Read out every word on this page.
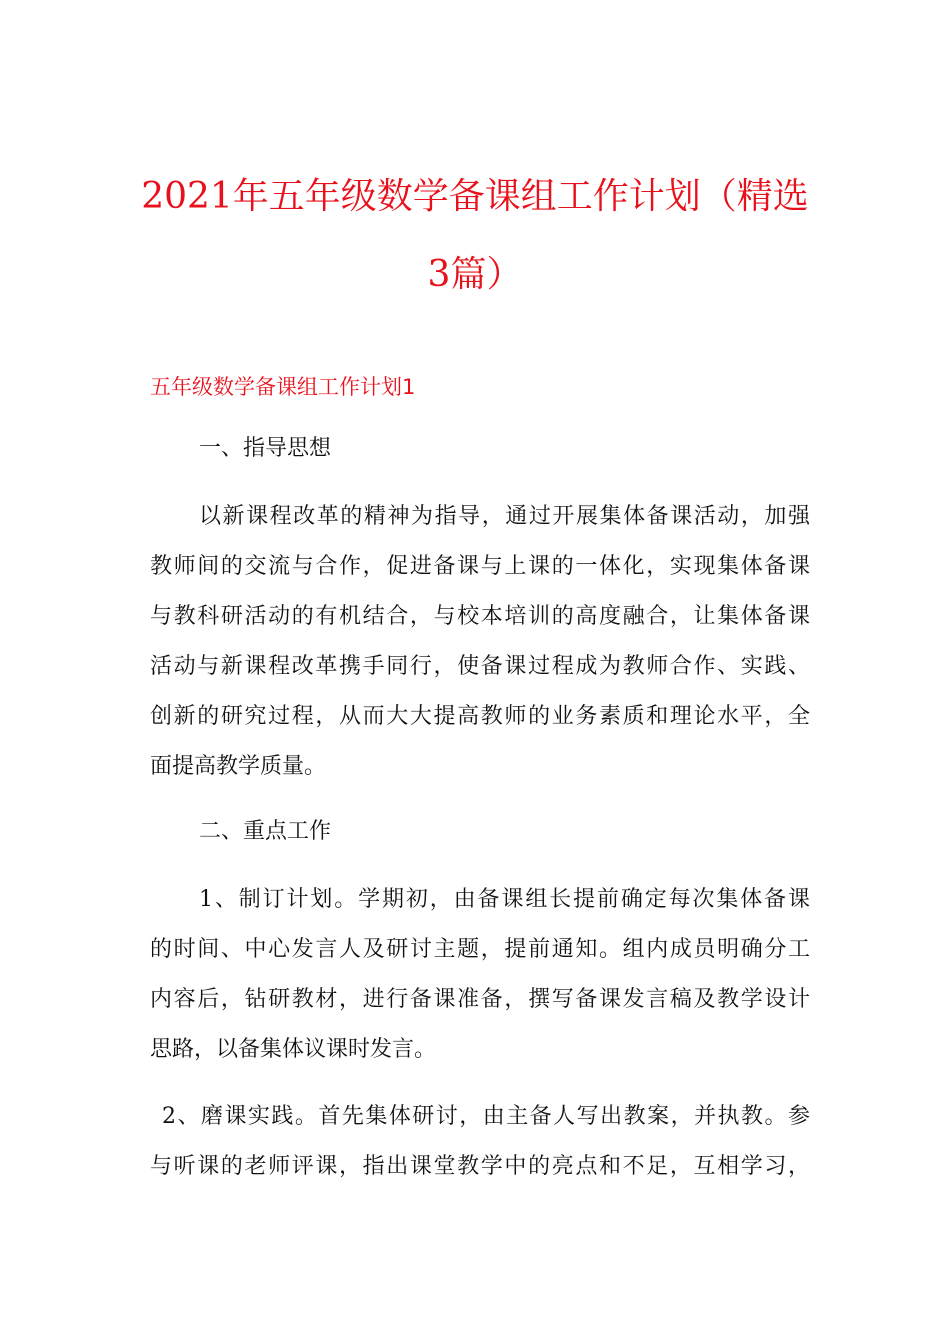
2021年五年级数学备课组工作计划（精选
3篇）
五年级数学备课组工作计划1
一、指导思想

以新课程改革的精神为指导，通过开展集体备课活动，加强
教师间的交流与合作，促进备课与上课的一体化，实现集体备课
与教科研活动的有机结合，与校本培训的高度融合，让集体备课
活动与新课程改革携手同行，使备课过程成为教师合作、实践、
创新的研究过程，从而大大提高教师的业务素质和理论水平，全
面提高教学质量。

二、重点工作

1、制订计划。学期初，由备课组长提前确定每次集体备课
的时间、中心发言人及研讨主题，提前通知。组内成员明确分工
内容后，钻研教材，进行备课准备，撰写备课发言稿及教学设计
思路，以备集体议课时发言。

2、磨课实践。首先集体研讨，由主备人写出教案，并执教。参
与听课的老师评课，指出课堂教学中的亮点和不足，互相学习，
